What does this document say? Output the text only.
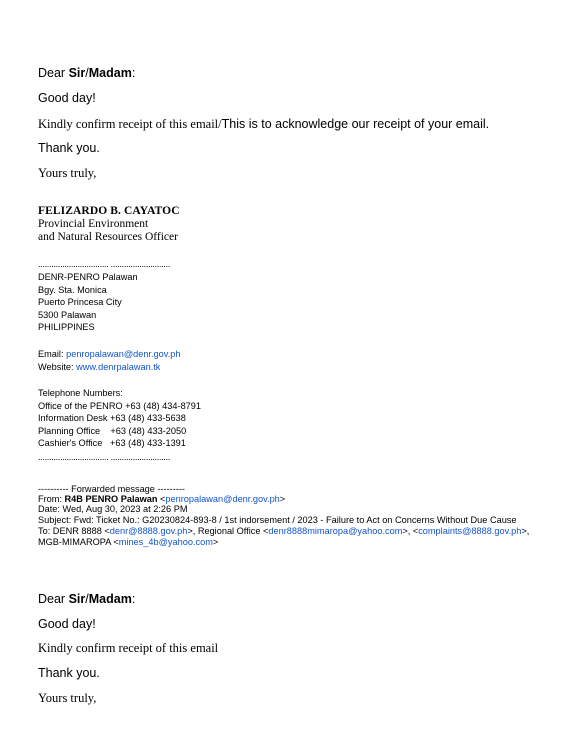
Dear Sir/Madam:
Good day!
Kindly confirm receipt of this email/This is to acknowledge our receipt of your email.
Thank you.
Yours truly,
FELIZARDO B. CAYATOC
Provincial Environment
and Natural Resources Officer
................................ ...........................
DENR-PENRO Palawan
Bgy. Sta. Monica
Puerto Princesa City
5300 Palawan
PHILIPPINES
Email: penropalawan@denr.gov.ph
Website: www.denrpalawan.tk
Telephone Numbers:
Office of the PENRO +63 (48) 434-8791
Information Desk +63 (48) 433-5638
Planning Office    +63 (48) 433-2050
Cashier's Office   +63 (48) 433-1391
................................ ...........................
---------- Forwarded message ---------
From: R4B PENRO Palawan <penropalawan@denr.gov.ph>
Date: Wed, Aug 30, 2023 at 2:26 PM
Subject: Fwd: Ticket No.: G20230824-893-8 / 1st indorsement / 2023 - Failure to Act on Concerns Without Due Cause
To: DENR 8888 <denr@8888.gov.ph>, Regional Office <denr8888mimaropa@yahoo.com>, <complaints@8888.gov.ph>,
MGB-MIMAROPA <mines_4b@yahoo.com>
Dear Sir/Madam:
Good day!
Kindly confirm receipt of this email
Thank you.
Yours truly,
